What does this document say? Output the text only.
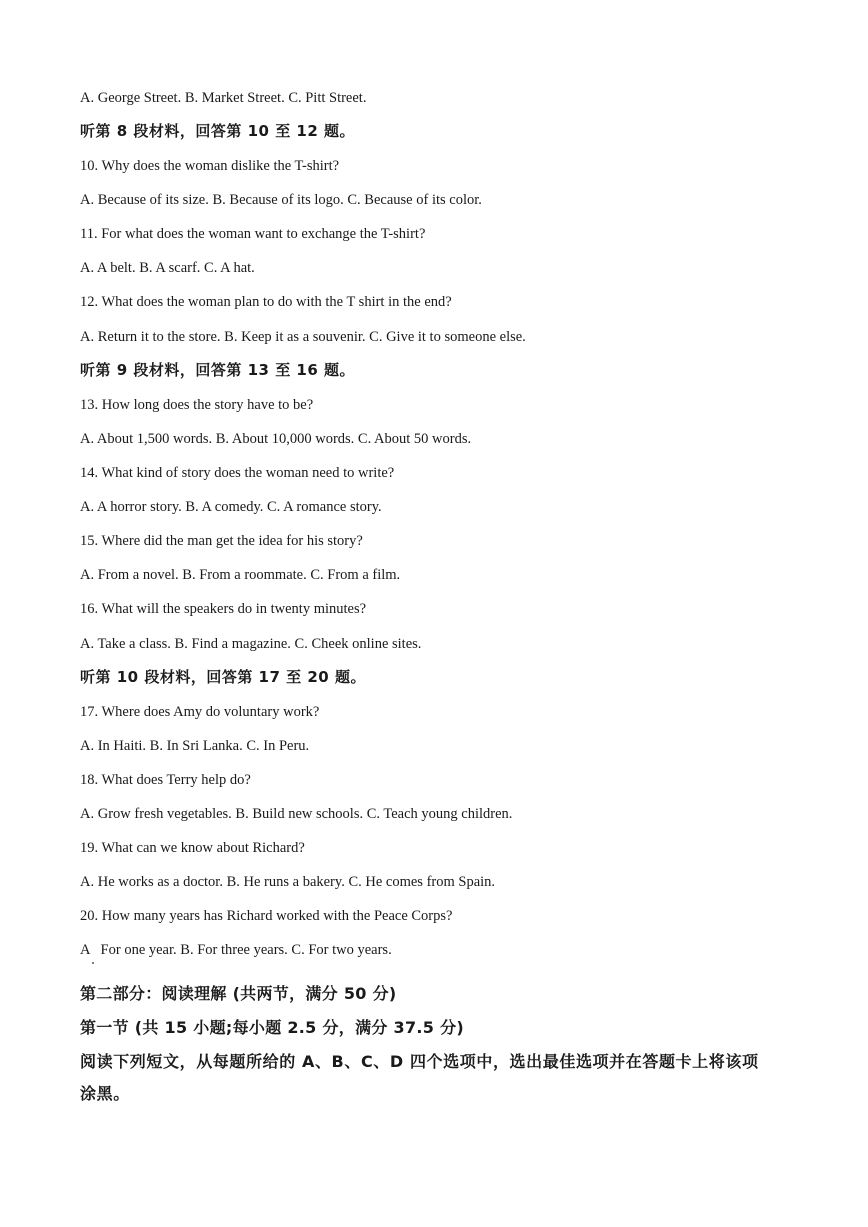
A. George Street. B. Market Street. C. Pitt Street.
听第 8 段材料，回答第 10 至 12 题。
10. Why does the woman dislike the T-shirt?
A. Because of its size. B. Because of its logo. C. Because of its color.
11. For what does the woman want to exchange the T-shirt?
A. A belt. B. A scarf. C. A hat.
12. What does the woman plan to do with the T shirt in the end?
A. Return it to the store. B. Keep it as a souvenir. C. Give it to someone else.
听第 9 段材料，回答第 13 至 16 题。
13. How long does the story have to be?
A. About 1,500 words. B. About 10,000 words. C. About 50 words.
14. What kind of story does the woman need to write?
A. A horror story. B. A comedy. C. A romance story.
15. Where did the man get the idea for his story?
A. From a novel. B. From a roommate. C. From a film.
16. What will the speakers do in twenty minutes?
A. Take a class. B. Find a magazine. C. Cheek online sites.
听第 10 段材料，回答第 17 至 20 题。
17. Where does Amy do voluntary work?
A. In Haiti. B. In Sri Lanka. C. In Peru.
18. What does Terry help do?
A. Grow fresh vegetables. B. Build new schools. C. Teach young children.
19. What can we know about Richard?
A. He works as a doctor. B. He runs a bakery. C. He comes from Spain.
20. How many years has Richard worked with the Peace Corps?
A   For one year. B. For three years. C. For two years.
第二部分：阅读理解 (共两节，满分 50 分)
第一节 (共 15 小题;每小题 2.5 分，满分 37.5 分)
阅读下列短文，从每题所给的 A、B、C、D 四个选项中，选出最佳选项并在答题卡上将该项
涂黑。
